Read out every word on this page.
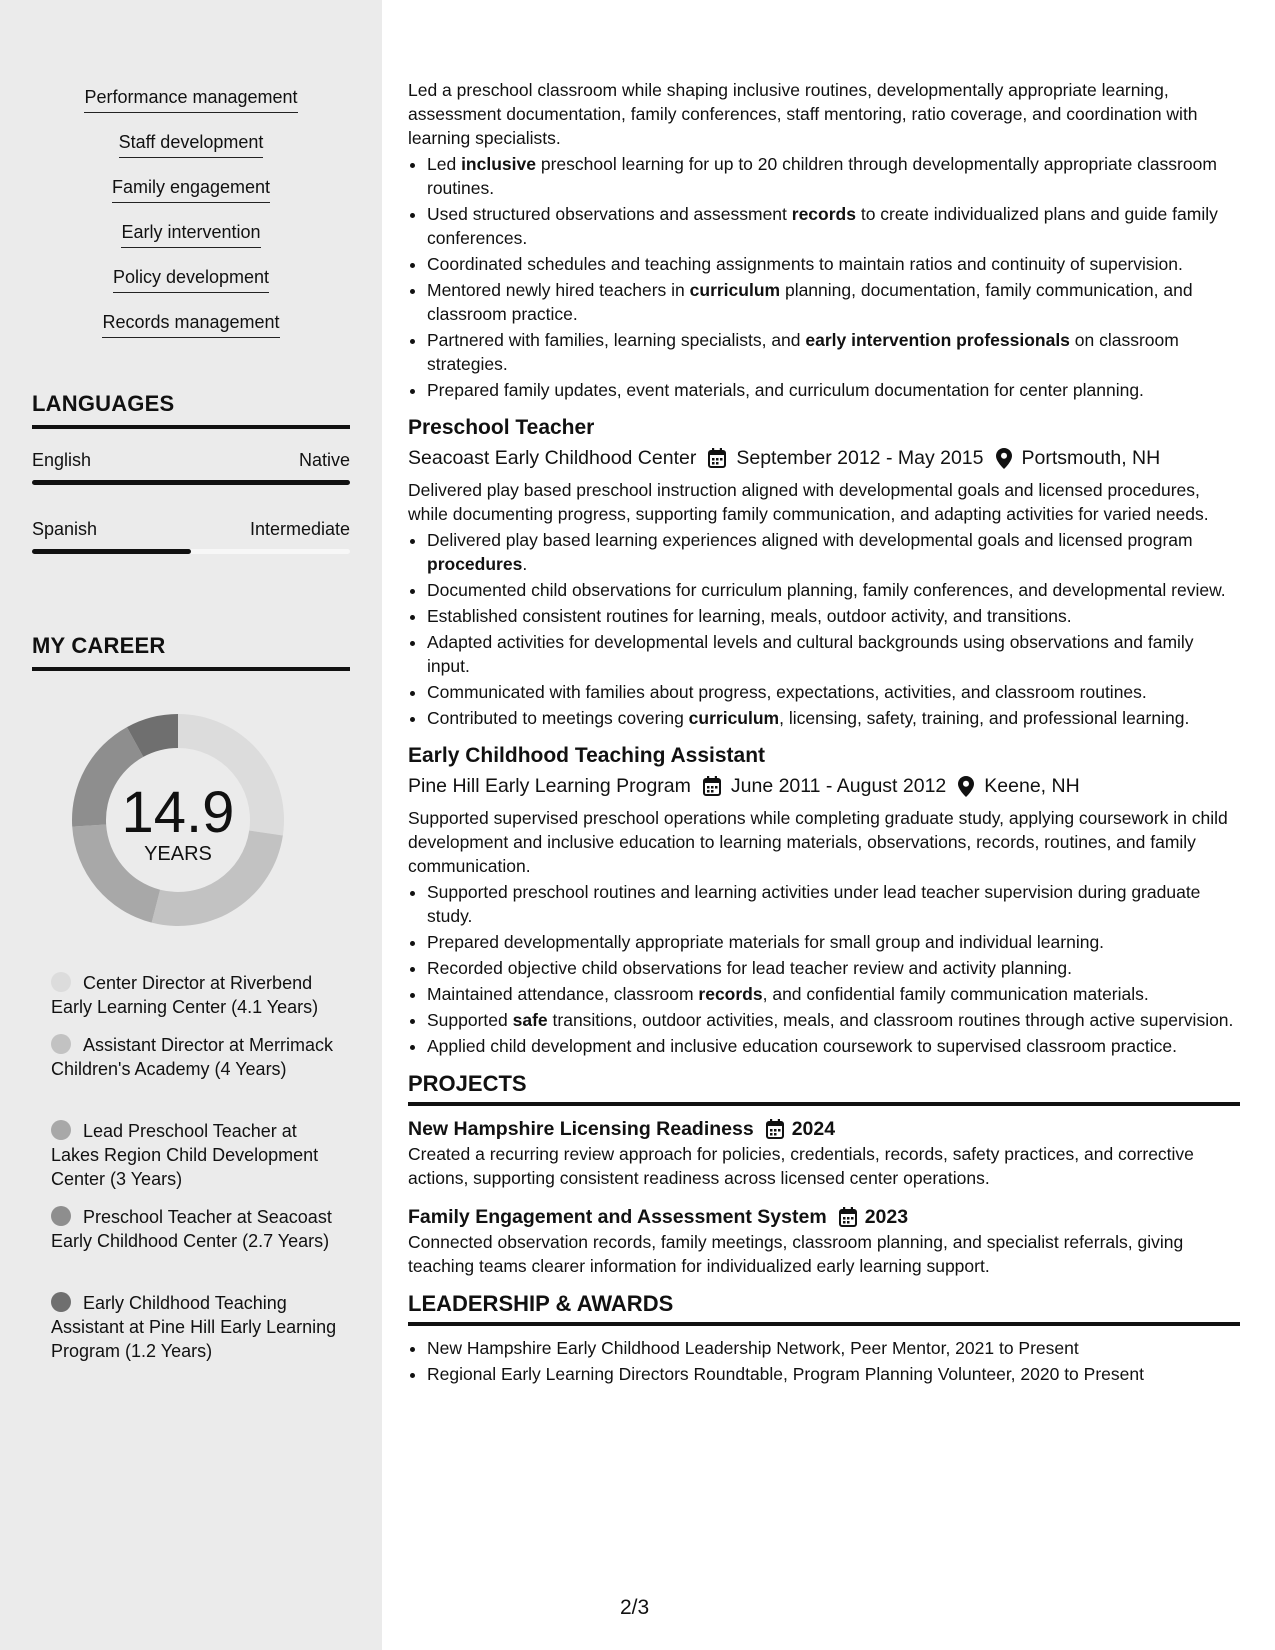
Performance management
Staff development
Family engagement
Early intervention
Policy development
Records management
LANGUAGES
English	Native
Spanish	Intermediate
MY CAREER
14.9
YEARS
Center Director at Riverbend Early Learning Center (4.1 Years)
Assistant Director at Merrimack Children's Academy (4 Years)
Lead Preschool Teacher at Lakes Region Child Development Center (3 Years)
Preschool Teacher at Seacoast Early Childhood Center (2.7 Years)
Early Childhood Teaching Assistant at Pine Hill Early Learning Program (1.2 Years)

Led a preschool classroom while shaping inclusive routines, developmentally appropriate learning, assessment documentation, family conferences, staff mentoring, ratio coverage, and coordination with learning specialists.

• Led inclusive preschool learning for up to 20 children through developmentally appropriate classroom routines.
• Used structured observations and assessment records to create individualized plans and guide family conferences.
• Coordinated schedules and teaching assignments to maintain ratios and continuity of supervision.
• Mentored newly hired teachers in curriculum planning, documentation, family communication, and classroom practice.
• Partnered with families, learning specialists, and early intervention professionals on classroom strategies.
• Prepared family updates, event materials, and curriculum documentation for center planning.
Preschool Teacher
Seacoast Early Childhood Center September 2012 - May 2015 Portsmouth, NH

Delivered play based preschool instruction aligned with developmental goals and licensed procedures, while documenting progress, supporting family communication, and adapting activities for varied needs.

• Delivered play based learning experiences aligned with developmental goals and licensed program procedures.
• Documented child observations for curriculum planning, family conferences, and developmental review.
• Established consistent routines for learning, meals, outdoor activity, and transitions.
• Adapted activities for developmental levels and cultural backgrounds using observations and family input.
• Communicated with families about progress, expectations, activities, and classroom routines.
• Contributed to meetings covering curriculum, licensing, safety, training, and professional learning.
Early Childhood Teaching Assistant
Pine Hill Early Learning Program June 2011 - August 2012 Keene, NH

Supported supervised preschool operations while completing graduate study, applying coursework in child development and inclusive education to learning materials, observations, records, routines, and family communication.

• Supported preschool routines and learning activities under lead teacher supervision during graduate study.
• Prepared developmentally appropriate materials for small group and individual learning.
• Recorded objective child observations for lead teacher review and activity planning.
• Maintained attendance, classroom records, and confidential family communication materials.
• Supported safe transitions, outdoor activities, meals, and classroom routines through active supervision.
• Applied child development and inclusive education coursework to supervised classroom practice.
PROJECTS
New Hampshire Licensing Readiness 2024

Created a recurring review approach for policies, credentials, records, safety practices, and corrective actions, supporting consistent readiness across licensed center operations.

Family Engagement and Assessment System 2023

Connected observation records, family meetings, classroom planning, and specialist referrals, giving teaching teams clearer information for individualized early learning support.

LEADERSHIP & AWARDS
• New Hampshire Early Childhood Leadership Network, Peer Mentor, 2021 to Present
• Regional Early Learning Directors Roundtable, Program Planning Volunteer, 2020 to Present
2/3
